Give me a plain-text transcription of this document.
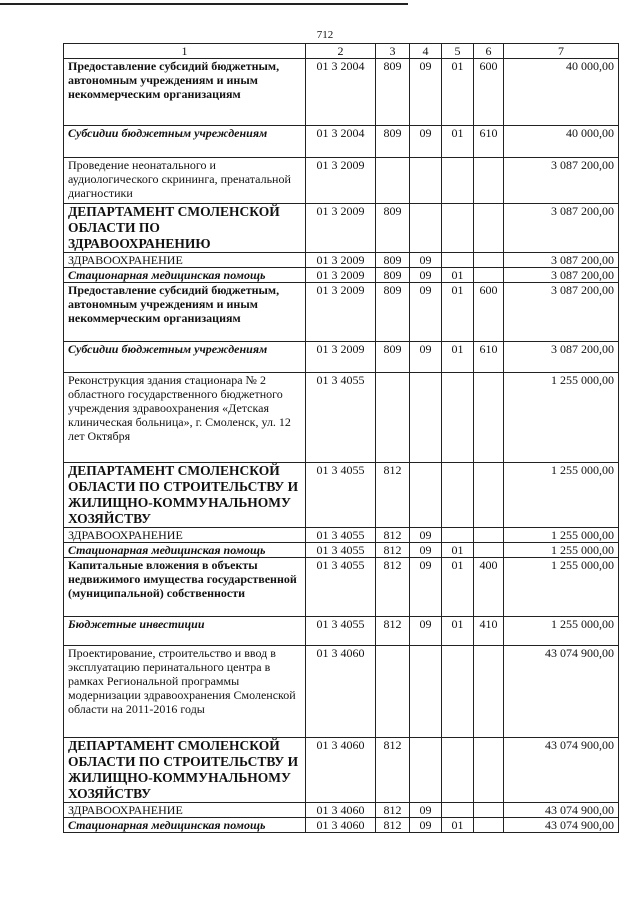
712
1	2	3	4	5	6	7
Предоставление субсидий бюджетным, автономным учреждениям и иным некоммерческим организациям	01 3 2004	809	09	01	600	40 000,00
Субсидии бюджетным учреждениям	01 3 2004	809	09	01	610	40 000,00
Проведение неонатального и аудиологического скрининга, пренатальной диагностики	01 3 2009					3 087 200,00
ДЕПАРТАМЕНТ СМОЛЕНСКОЙ ОБЛАСТИ ПО ЗДРАВООХРАНЕНИЮ	01 3 2009	809				3 087 200,00
ЗДРАВООХРАНЕНИЕ	01 3 2009	809	09			3 087 200,00
Стационарная медицинская помощь	01 3 2009	809	09	01		3 087 200,00
Предоставление субсидий бюджетным, автономным учреждениям и иным некоммерческим организациям	01 3 2009	809	09	01	600	3 087 200,00
Субсидии бюджетным учреждениям	01 3 2009	809	09	01	610	3 087 200,00
Реконструкция здания стационара № 2 областного государственного бюджетного учреждения здравоохранения «Детская клиническая больница», г. Смоленск, ул. 12 лет Октября	01 3 4055					1 255 000,00
ДЕПАРТАМЕНТ СМОЛЕНСКОЙ ОБЛАСТИ ПО СТРОИТЕЛЬСТВУ И ЖИЛИЩНО-КОММУНАЛЬНОМУ ХОЗЯЙСТВУ	01 3 4055	812				1 255 000,00
ЗДРАВООХРАНЕНИЕ	01 3 4055	812	09			1 255 000,00
Стационарная медицинская помощь	01 3 4055	812	09	01		1 255 000,00
Капитальные вложения в объекты недвижимого имущества государственной (муниципальной) собственности	01 3 4055	812	09	01	400	1 255 000,00
Бюджетные инвестиции	01 3 4055	812	09	01	410	1 255 000,00
Проектирование, строительство и ввод в эксплуатацию перинатального центра в рамках Региональной программы модернизации здравоохранения Смоленской области на 2011-2016 годы	01 3 4060					43 074 900,00
ДЕПАРТАМЕНТ СМОЛЕНСКОЙ ОБЛАСТИ ПО СТРОИТЕЛЬСТВУ И ЖИЛИЩНО-КОММУНАЛЬНОМУ ХОЗЯЙСТВУ	01 3 4060	812				43 074 900,00
ЗДРАВООХРАНЕНИЕ	01 3 4060	812	09			43 074 900,00
Стационарная медицинская помощь	01 3 4060	812	09	01		43 074 900,00
